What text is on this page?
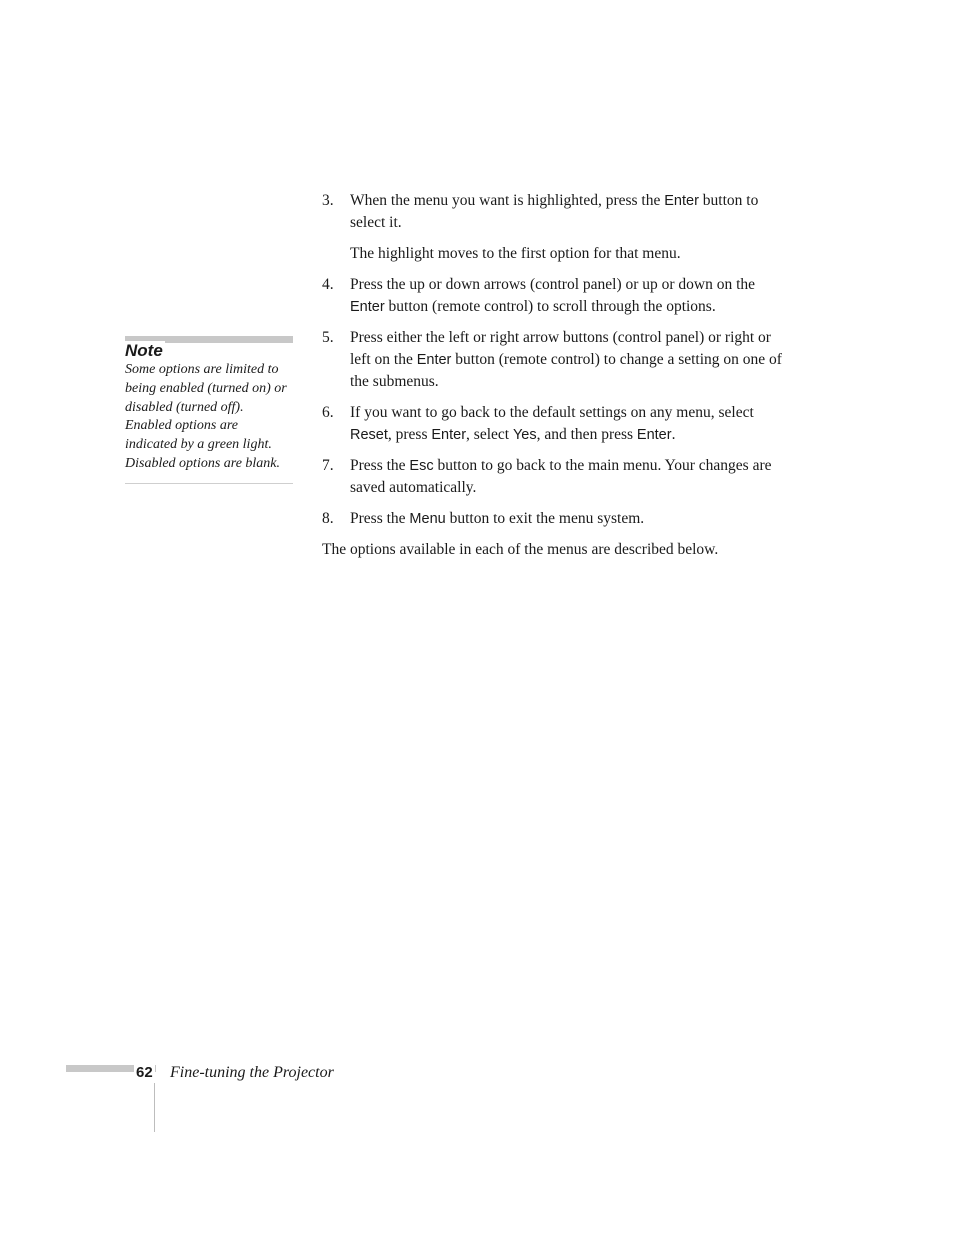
Note
Some options are limited to being enabled (turned on) or disabled (turned off). Enabled options are indicated by a green light. Disabled options are blank.
3. When the menu you want is highlighted, press the Enter button to select it.
The highlight moves to the first option for that menu.
4. Press the up or down arrows (control panel) or up or down on the Enter button (remote control) to scroll through the options.
5. Press either the left or right arrow buttons (control panel) or right or left on the Enter button (remote control) to change a setting on one of the submenus.
6. If you want to go back to the default settings on any menu, select Reset, press Enter, select Yes, and then press Enter.
7. Press the Esc button to go back to the main menu. Your changes are saved automatically.
8. Press the Menu button to exit the menu system.
The options available in each of the menus are described below.
62 Fine-tuning the Projector
